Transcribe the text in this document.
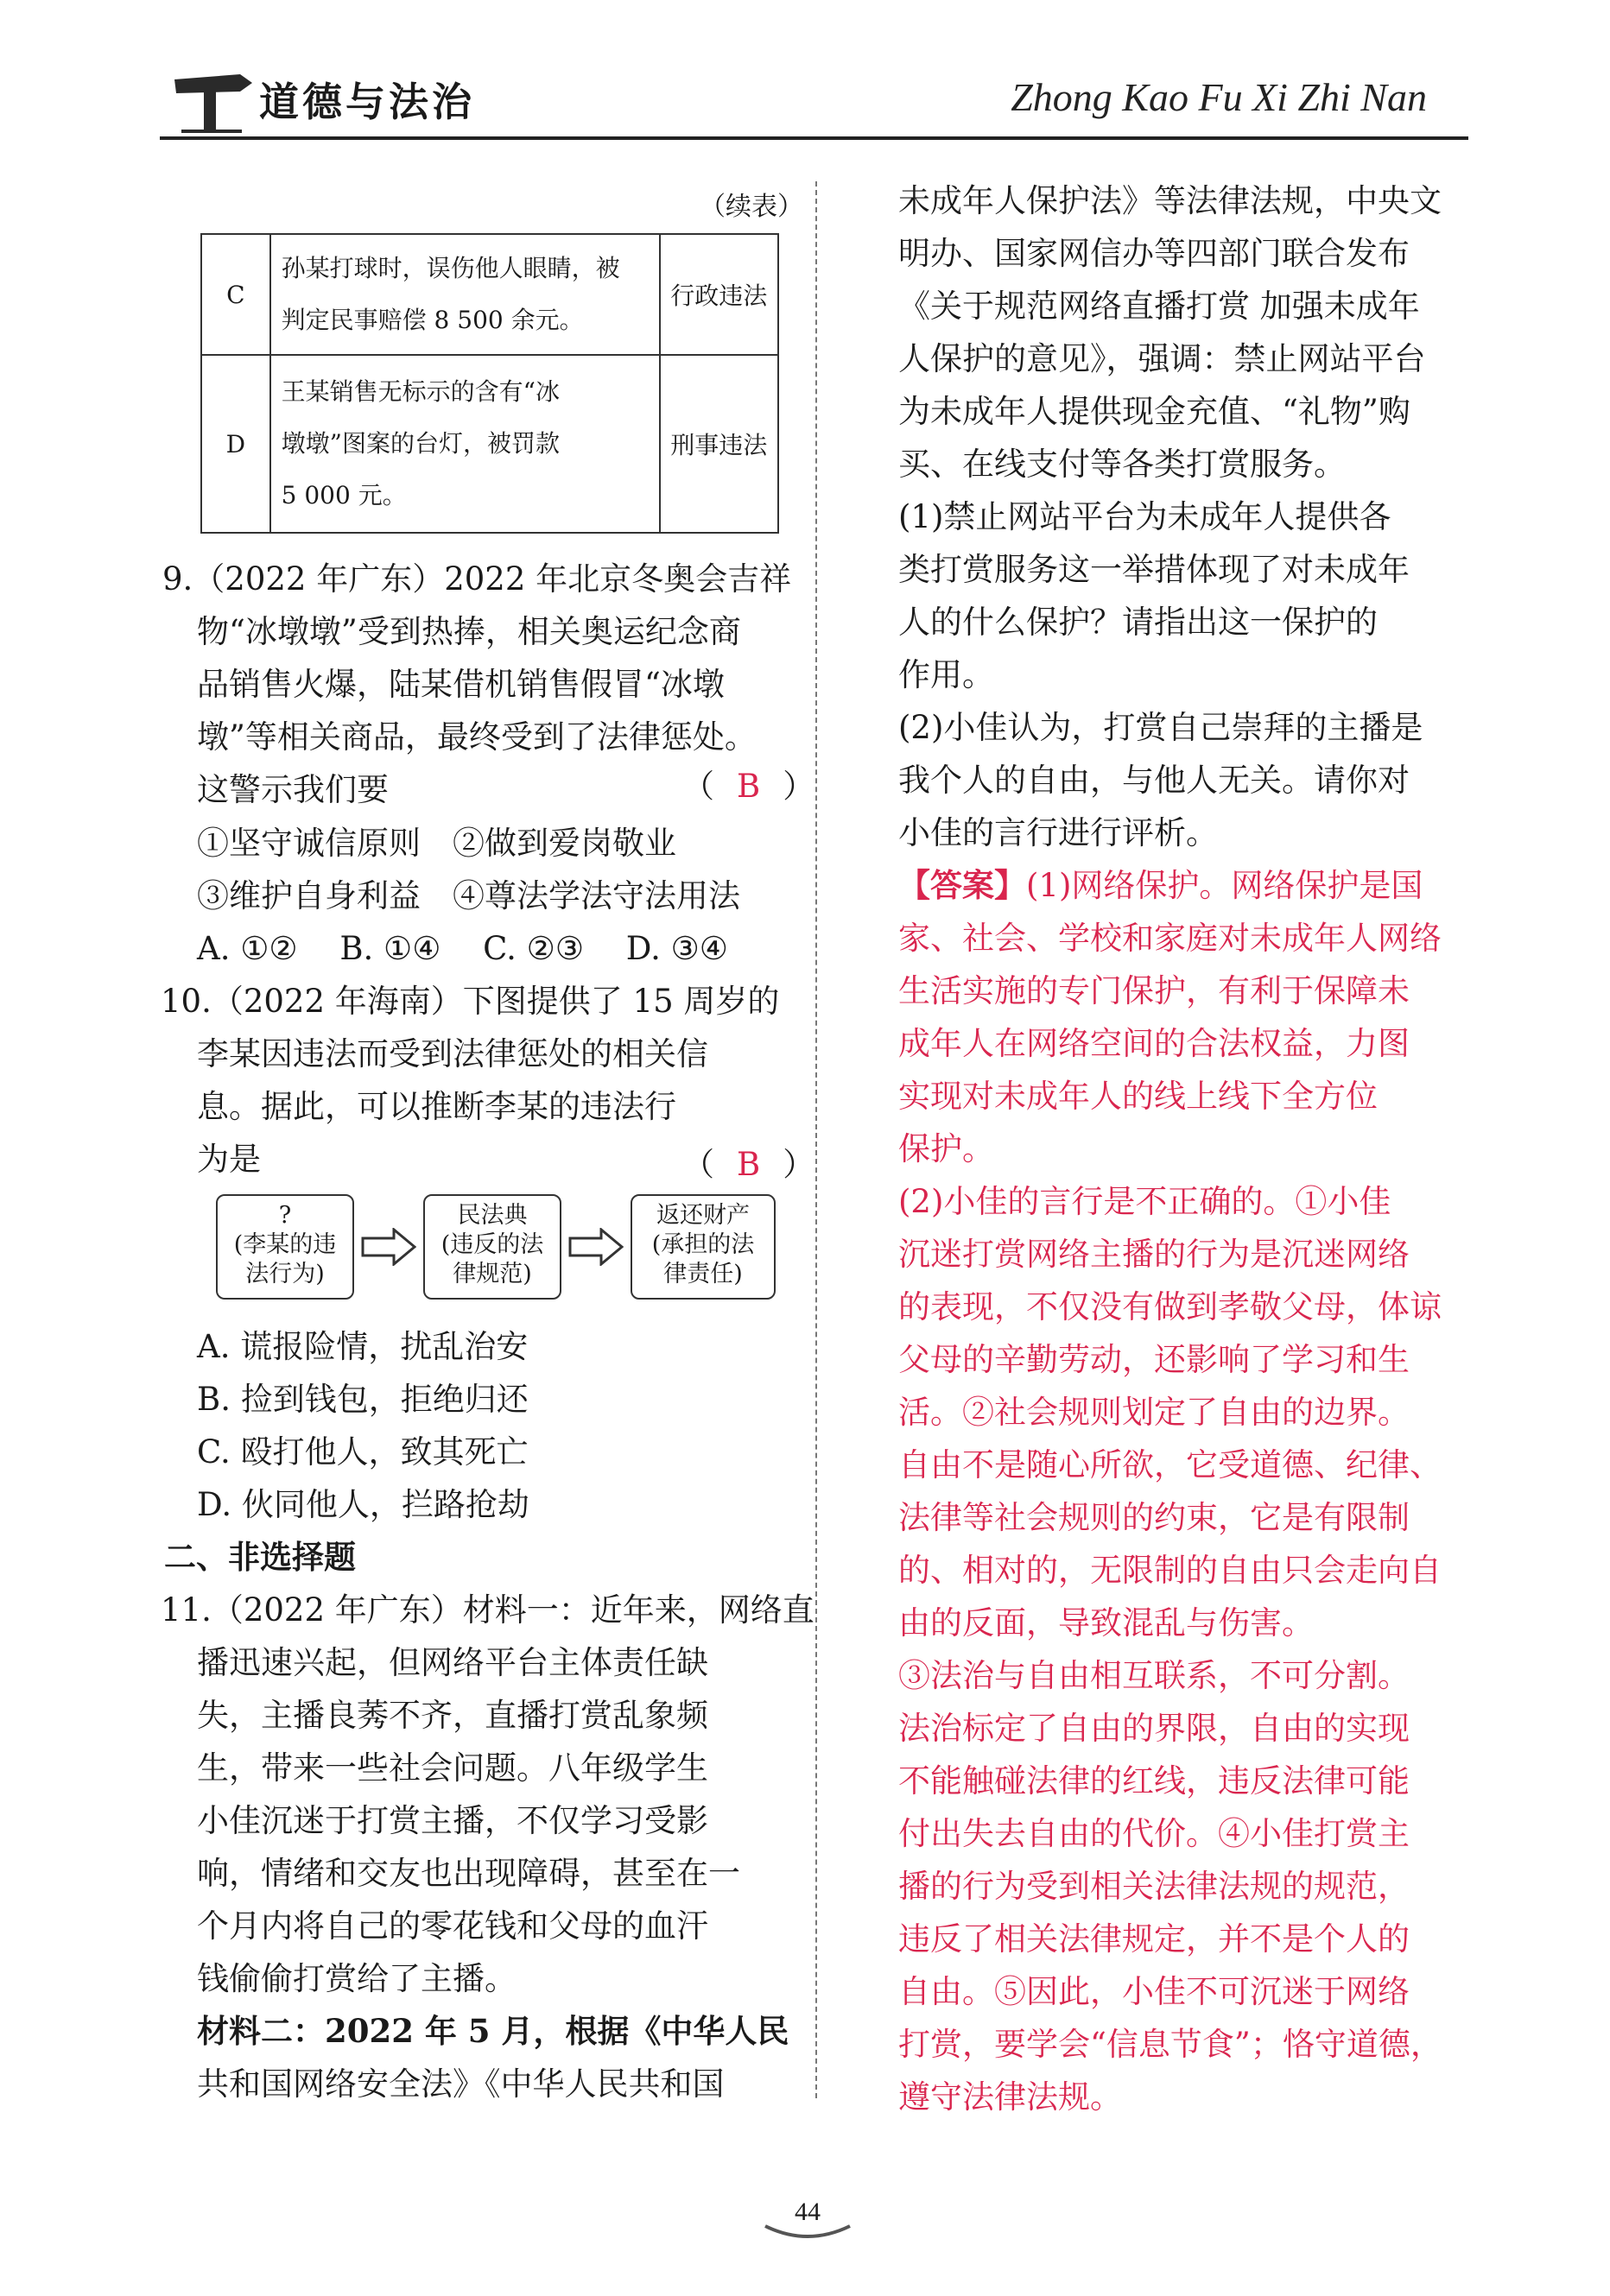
道德与法治	Zhong Kao Fu Xi Zhi Nan
（续表）
C	孙某打球时，误伤他人眼睛，被
判定民事赔偿 8 500 余元。	行政违法
D	王某销售无标示的含有“冰
墩墩”图案的台灯，被罚款
5 000 元。	刑事违法
9.（2022 年广东）2022 年北京冬奥会吉祥
物“冰墩墩”受到热捧，相关奥运纪念商
品销售火爆，陆某借机销售假冒“冰墩
墩”等相关商品，最终受到了法律惩处。
这警示我们要
①坚守诚信原则　②做到爱岗敬业
③维护自身利益　④尊法学法守法用法
A. ①②　 B. ①④　 C. ②③　 D. ③④
10.（2022 年海南）下图提供了 15 周岁的
李某因违法而受到法律惩处的相关信
息。据此，可以推断李某的违法行
为是
A. 谎报险情，扰乱治安
B. 捡到钱包，拒绝归还
C. 殴打他人，致其死亡
D. 伙同他人，拦路抢劫
二、非选择题
11.（2022 年广东）材料一：近年来，网络直
播迅速兴起，但网络平台主体责任缺
失，主播良莠不齐，直播打赏乱象频
生，带来一些社会问题。八年级学生
小佳沉迷于打赏主播，不仅学习受影
响，情绪和交友也出现障碍，甚至在一
个月内将自己的零花钱和父母的血汗
钱偷偷打赏给了主播。
材料二：2022 年 5 月，根据《中华人民
共和国网络安全法》《中华人民共和国
（ B ）
（ B ）
?
(李某的违
法行为)
民法典
(违反的法
律规范)
返还财产
(承担的法
律责任)
未成年人保护法》等法律法规，中央文
明办、国家网信办等四部门联合发布
《关于规范网络直播打赏 加强未成年
人保护的意见》，强调：禁止网站平台
为未成年人提供现金充值、“礼物”购
买、在线支付等各类打赏服务。
(1)禁止网站平台为未成年人提供各
类打赏服务这一举措体现了对未成年
人的什么保护？请指出这一保护的
作用。
(2)小佳认为，打赏自己崇拜的主播是
我个人的自由，与他人无关。请你对
小佳的言行进行评析。
【答案】(1)网络保护。网络保护是国
家、社会、学校和家庭对未成年人网络
生活实施的专门保护，有利于保障未
成年人在网络空间的合法权益，力图
实现对未成年人的线上线下全方位
保护。
(2)小佳的言行是不正确的。①小佳
沉迷打赏网络主播的行为是沉迷网络
的表现，不仅没有做到孝敬父母，体谅
父母的辛勤劳动，还影响了学习和生
活。②社会规则划定了自由的边界。
自由不是随心所欲，它受道德、纪律、
法律等社会规则的约束，它是有限制
的、相对的，无限制的自由只会走向自
由的反面，导致混乱与伤害。
③法治与自由相互联系，不可分割。
法治标定了自由的界限，自由的实现
不能触碰法律的红线，违反法律可能
付出失去自由的代价。④小佳打赏主
播的行为受到相关法律法规的规范，
违反了相关法律规定，并不是个人的
自由。⑤因此，小佳不可沉迷于网络
打赏，要学会“信息节食”；恪守道德，
遵守法律法规。
44
